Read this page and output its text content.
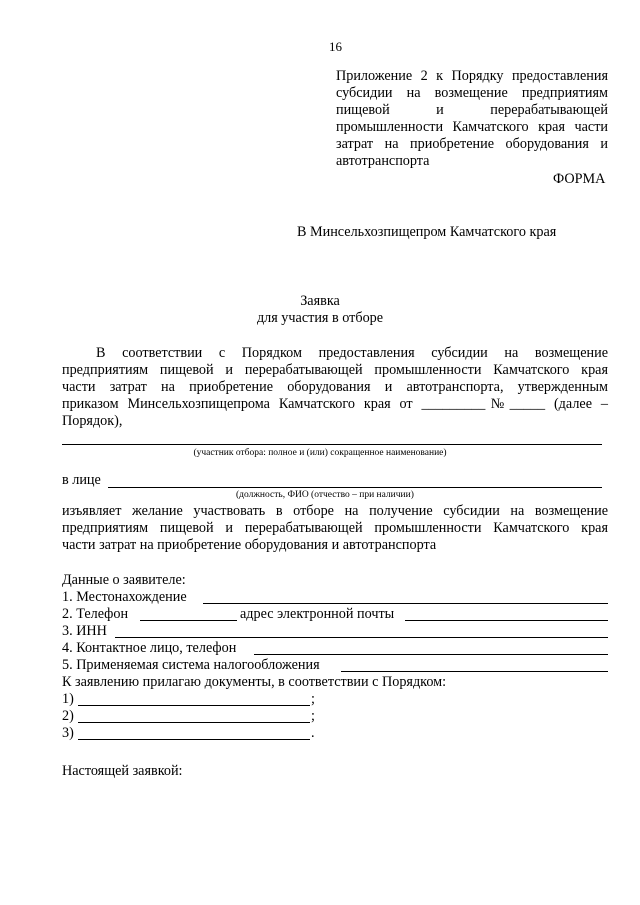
16
Приложение 2 к Порядку предоставления
субсидии на возмещение предприятиям
пищевой и перерабатывающей
промышленности Камчатского края части
затрат на приобретение оборудования и
автотранспорта
ФОРМА
В Минсельхозпищепром Камчатского края
Заявка
для участия в отборе
В соответствии с Порядком предоставления субсидии на возмещение
предприятиям пищевой и перерабатывающей промышленности Камчатского края
части затрат на приобретение оборудования и автотранспорта, утвержденным
приказом Минсельхозпищепрома Камчатского края от _________№_____ (далее –
Порядок),
(участник отбора: полное и (или) сокращенное наименование)
в лице
(должность, ФИО (отчество – при наличии)
изъявляет желание участвовать в отборе на получение субсидии на возмещение
предприятиям пищевой и перерабатывающей промышленности Камчатского края
части затрат на приобретение оборудования и автотранспорта
Данные о заявителе:
1. Местонахождение
2. Телефон	адрес электронной почты
3. ИНН
4. Контактное лицо, телефон
5. Применяемая система налогообложения
К заявлению прилагаю документы, в соответствии с Порядком:
1)	;
2)	;
3)	.
Настоящей заявкой:
